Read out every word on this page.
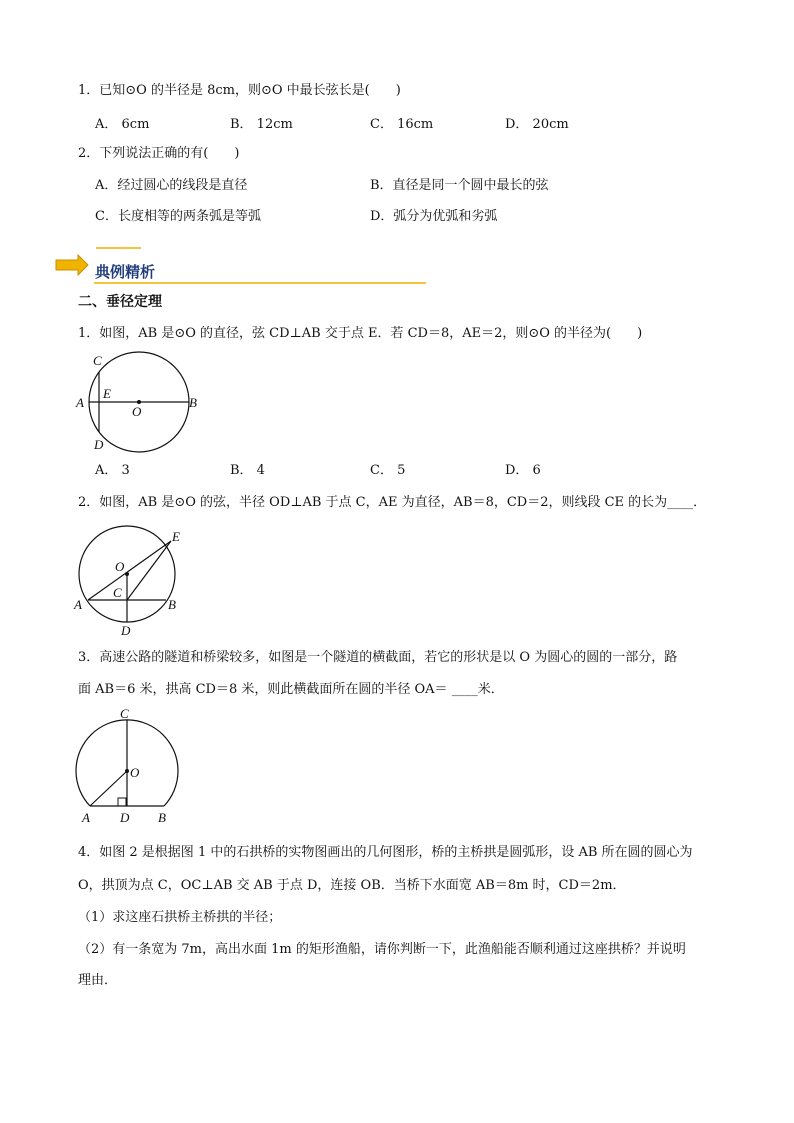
1．已知⊙O 的半径是 8cm，则⊙O 中最长弦长是(　　)
A． 6cm	B． 12cm	C． 16cm	D． 20cm
2．下列说法正确的有(　　)
A．经过圆心的线段是直径	B．直径是同一个圆中最长的弦
C．长度相等的两条弧是等弧	D．弧分为优弧和劣弧
典例精析
二、垂径定理
1．如图，AB 是⊙O 的直径，弦 CD⊥AB 交于点 E．若 CD＝8，AE＝2，则⊙O 的半径为(　　)
C
E
A
O
B
D
A． 3	B． 4	C． 5	D． 6
2．如图，AB 是⊙O 的弦，半径 OD⊥AB 于点 C，AE 为直径，AB＝8，CD＝2，则线段 CE 的长为____．
E
O
C
A	B
D
3．高速公路的隧道和桥梁较多，如图是一个隧道的横截面，若它的形状是以 O 为圆心的圆的一部分，路
面 AB＝6 米，拱高 CD＝8 米，则此横截面所在圆的半径 OA＝ ____米．
C
O
A D B
4．如图 2 是根据图 1 中的石拱桥的实物图画出的几何图形，桥的主桥拱是圆弧形，设 AB 所在圆的圆心为
O，拱顶为点 C，OC⊥AB 交 AB 于点 D，连接 OB．当桥下水面宽 AB＝8m 时，CD＝2m．
（1）求这座石拱桥主桥拱的半径；
（2）有一条宽为 7m，高出水面 1m 的矩形渔船，请你判断一下，此渔船能否顺利通过这座拱桥？并说明
理由．
